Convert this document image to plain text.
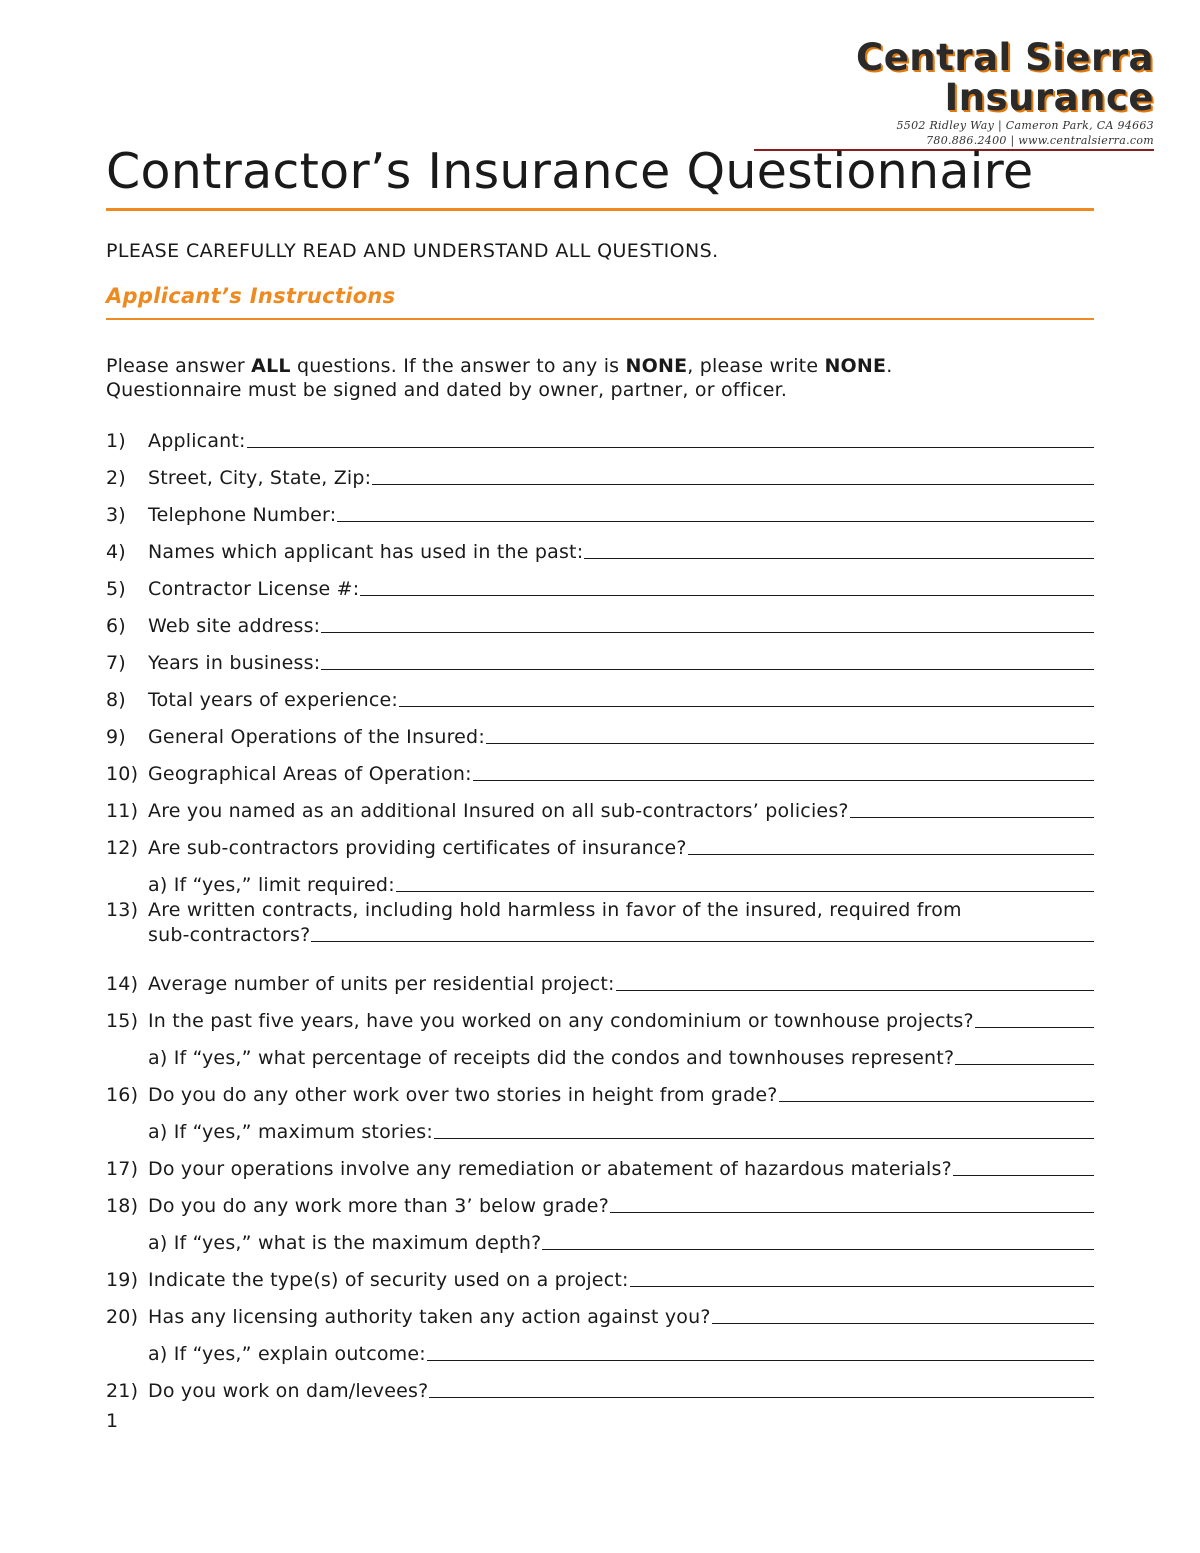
Central Sierra Insurance
5502 Ridley Way | Cameron Park, CA 94663
780.886.2400 | www.centralsierra.com
Contractor’s Insurance Questionnaire
PLEASE CAREFULLY READ AND UNDERSTAND ALL QUESTIONS.
Applicant’s Instructions
Please answer ALL questions. If the answer to any is NONE, please write NONE.
Questionnaire must be signed and dated by owner, partner, or officer.
1)	Applicant:
2)	Street, City, State, Zip:
3)	Telephone Number:
4)	Names which applicant has used in the past:
5)	Contractor License #:
6)	Web site address:
7)	Years in business:
8)	Total years of experience:
9)	General Operations of the Insured:
10) Geographical Areas of Operation:
11) Are you named as an additional Insured on all sub-contractors’ policies?
12) Are sub-contractors providing certificates of insurance?
a) If “yes,” limit required:
13) Are written contracts, including hold harmless in favor of the insured, required from
sub-contractors?
14) Average number of units per residential project:
15) In the past five years, have you worked on any condominium or townhouse projects?
a) If “yes,” what percentage of receipts did the condos and townhouses represent?
16) Do you do any other work over two stories in height from grade?
a) If “yes,” maximum stories:
17) Do your operations involve any remediation or abatement of hazardous materials?
18) Do you do any work more than 3’ below grade?
a) If “yes,” what is the maximum depth?
19) Indicate the type(s) of security used on a project:
20) Has any licensing authority taken any action against you?
a) If “yes,” explain outcome:
21) Do you work on dam/levees?
1
